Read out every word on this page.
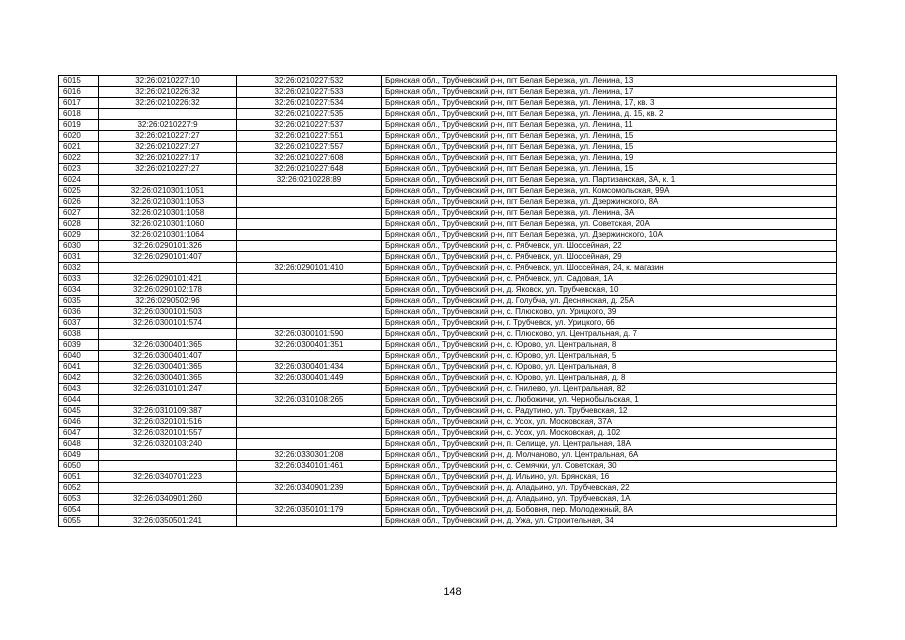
6015	32:26:0210227:10	32:26:0210227:532	Брянская обл., Трубчевский р-н, пгт Белая Березка, ул. Ленина, 13
6016	32:26:0210226:32	32:26:0210227:533	Брянская обл., Трубчевский р-н, пгт Белая Березка, ул. Ленина, 17
6017	32:26:0210226:32	32:26:0210227:534	Брянская обл., Трубчевский р-н, пгт Белая Березка, ул. Ленина, 17, кв. 3
6018		32:26:0210227:535	Брянская обл., Трубчевский р-н, пгт Белая Березка, ул. Ленина, д. 15, кв. 2
6019	32:26:0210227:9	32:26:0210227:537	Брянская обл., Трубчевский р-н, пгт Белая Березка, ул. Ленина, 11
6020	32:26:0210227:27	32:26:0210227:551	Брянская обл., Трубчевский р-н, пгт Белая Березка, ул. Ленина, 15
6021	32:26:0210227:27	32:26:0210227:557	Брянская обл., Трубчевский р-н, пгт Белая Березка, ул. Ленина, 15
6022	32:26:0210227:17	32:26:0210227:608	Брянская обл., Трубчевский р-н, пгт Белая Березка, ул. Ленина, 19
6023	32:26:0210227:27	32:26:0210227:648	Брянская обл., Трубчевский р-н, пгт Белая Березка, ул. Ленина, 15
6024		32:26:0210228:89	Брянская обл., Трубчевский р-н, пгт Белая Березка, ул. Партизанская, 3А, к. 1
6025	32:26:0210301:1051		Брянская обл., Трубчевский р-н, пгт Белая Березка, ул. Комсомольская, 99А
6026	32:26:0210301:1053		Брянская обл., Трубчевский р-н, пгт Белая Березка, ул. Дзержинского, 8А
6027	32:26:0210301:1058		Брянская обл., Трубчевский р-н, пгт Белая Березка, ул. Ленина, 3А
6028	32:26:0210301:1060		Брянская обл., Трубчевский р-н, пгт Белая Березка, ул. Советская, 20А
6029	32:26:0210301:1064		Брянская обл., Трубчевский р-н, пгт Белая Березка, ул. Дзержинского, 10А
6030	32:26:0290101:326		Брянская обл., Трубчевский р-н, с. Рябчевск, ул. Шоссейная, 22
6031	32:26:0290101:407		Брянская обл., Трубчевский р-н, с. Рябчевск, ул. Шоссейная, 29
6032		32:26:0290101:410	Брянская обл., Трубчевский р-н, с. Рябчевск, ул. Шоссейная, 24, к. магазин
6033	32:26:0290101:421		Брянская обл., Трубчевский р-н, с. Рябчевск, ул. Садовая, 1А
6034	32:26:0290102:178		Брянская обл., Трубчевский р-н, д. Яковск, ул. Трубчевская, 10
6035	32:26:0290502:96		Брянская обл., Трубчевский р-н, д. Голубча, ул. Деснянская, д. 25А
6036	32:26:0300101:503		Брянская обл., Трубчевский р-н, с. Плюсково, ул. Урицкого, 39
6037	32:26:0300101:574		Брянская обл., Трубчевский р-н, г. Трубчевск, ул. Урицкого, 66
6038		32:26:0300101:590	Брянская обл., Трубчевский р-н, с. Плюсково, ул. Центральная, д. 7
6039	32:26:0300401:365	32:26:0300401:351	Брянская обл., Трубчевский р-н, с. Юрово, ул. Центральная, 8
6040	32:26:0300401:407		Брянская обл., Трубчевский р-н, с. Юрово, ул. Центральная, 5
6041	32:26:0300401:365	32:26:0300401:434	Брянская обл., Трубчевский р-н, с. Юрово, ул. Центральная, 8
6042	32:26:0300401:365	32:26:0300401:449	Брянская обл., Трубчевский р-н, с. Юрово, ул. Центральная, д. 8
6043	32:26:0310101:247		Брянская обл., Трубчевский р-н, с. Гнилево, ул. Центральная, 82
6044		32:26:0310108:265	Брянская обл., Трубчевский р-н, с. Любожичи, ул. Чернобыльская, 1
6045	32:26:0310109:387		Брянская обл., Трубчевский р-н, с. Радутино, ул. Трубчевская, 12
6046	32:26:0320101:516		Брянская обл., Трубчевский р-н, с. Усох, ул. Московская, 37А
6047	32:26:0320101:557		Брянская обл., Трубчевский р-н, с. Усох, ул. Московская, д. 102
6048	32:26:0320103:240		Брянская обл., Трубчевский р-н, п. Селище, ул. Центральная, 18А
6049		32:26:0330301:208	Брянская обл., Трубчевский р-н, д. Молчаново, ул. Центральная, 6А
6050		32:26:0340101:461	Брянская обл., Трубчевский р-н, с. Семячки, ул. Советская, 30
6051	32:26:0340701:223		Брянская обл., Трубчевский р-н, д. Ильино, ул. Брянская, 16
6052		32:26:0340901:239	Брянская обл., Трубчевский р-н, д. Аладьино, ул. Трубчевская, 22
6053	32:26:0340901:260		Брянская обл., Трубчевский р-н, д. Аладьино, ул. Трубчевская, 1А
6054		32:26:0350101:179	Брянская обл., Трубчевский р-н, д. Бобовня, пер. Молодежный, 8А
6055	32:26:0350501:241		Брянская обл., Трубчевский р-н, д. Ужа, ул. Строительная, 34
148
